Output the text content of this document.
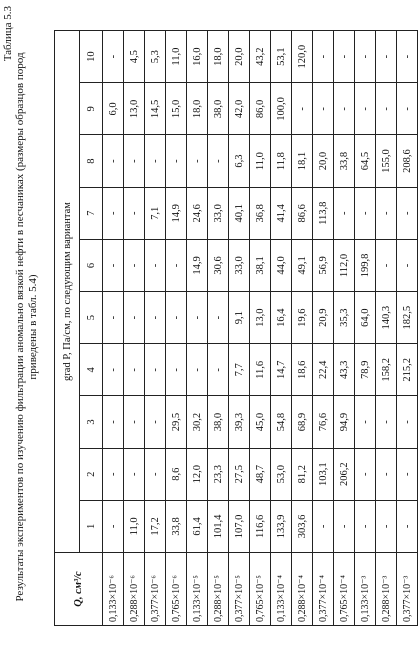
Таблица 5.3
Результаты экспериментов по изучению фильтрации аномально вязкой нефти в песчаниках (размеры образцов пород приведены в табл. 5.4)
Q, см³/с	grad P, Па/см, по следующим вариантам									
	1	2	3	4	5	6	7	8	9	10
0,133×10⁻⁶	-	-	-	-	-	-	-	-	6,0	-
0,288×10⁻⁶	11,0	-	-	-	-	-	-	-	13,0	4,5
0,377×10⁻⁶	17,2	-	-	-	-	-	7,1	-	14,5	5,3
0,765×10⁻⁶	33,8	8,6	29,5	-	-	-	14,9	-	15,0	11,0
0,133×10⁻⁵	61,4	12,0	30,2	-	-	14,9	24,6	-	18,0	16,0
0,288×10⁻⁵	101,4	23,3	38,0	-	-	30,6	33,0	-	38,0	18,0
0,377×10⁻⁵	107,0	27,5	39,3	7,7	9,1	33,0	40,1	6,3	42,0	20,0
0,765×10⁻⁵	116,6	48,7	45,0	11,6	13,0	38,1	36,8	11,0	86,0	43,2
0,133×10⁻⁴	133,9	53,0	54,8	14,7	16,4	44,0	41,4	11,8	100,0	53,1
0,288×10⁻⁴	303,6	81,2	68,9	18,6	19,6	49,1	86,6	18,1	-	120,0
0,377×10⁻⁴	-	103,1	76,6	22,4	20,9	56,9	113,8	20,0	-	-
0,765×10⁻⁴	-	206,2	94,9	43,3	35,3	112,0	-	33,8	-	-
0,133×10⁻³	-	-	-	78,9	64,0	199,8	-	64,5	-	-
0,288×10⁻³	-	-	-	158,2	140,3	-	-	155,0	-	-
0,377×10⁻³	-	-	-	215,2	182,5	-	-	208,6	-	-
